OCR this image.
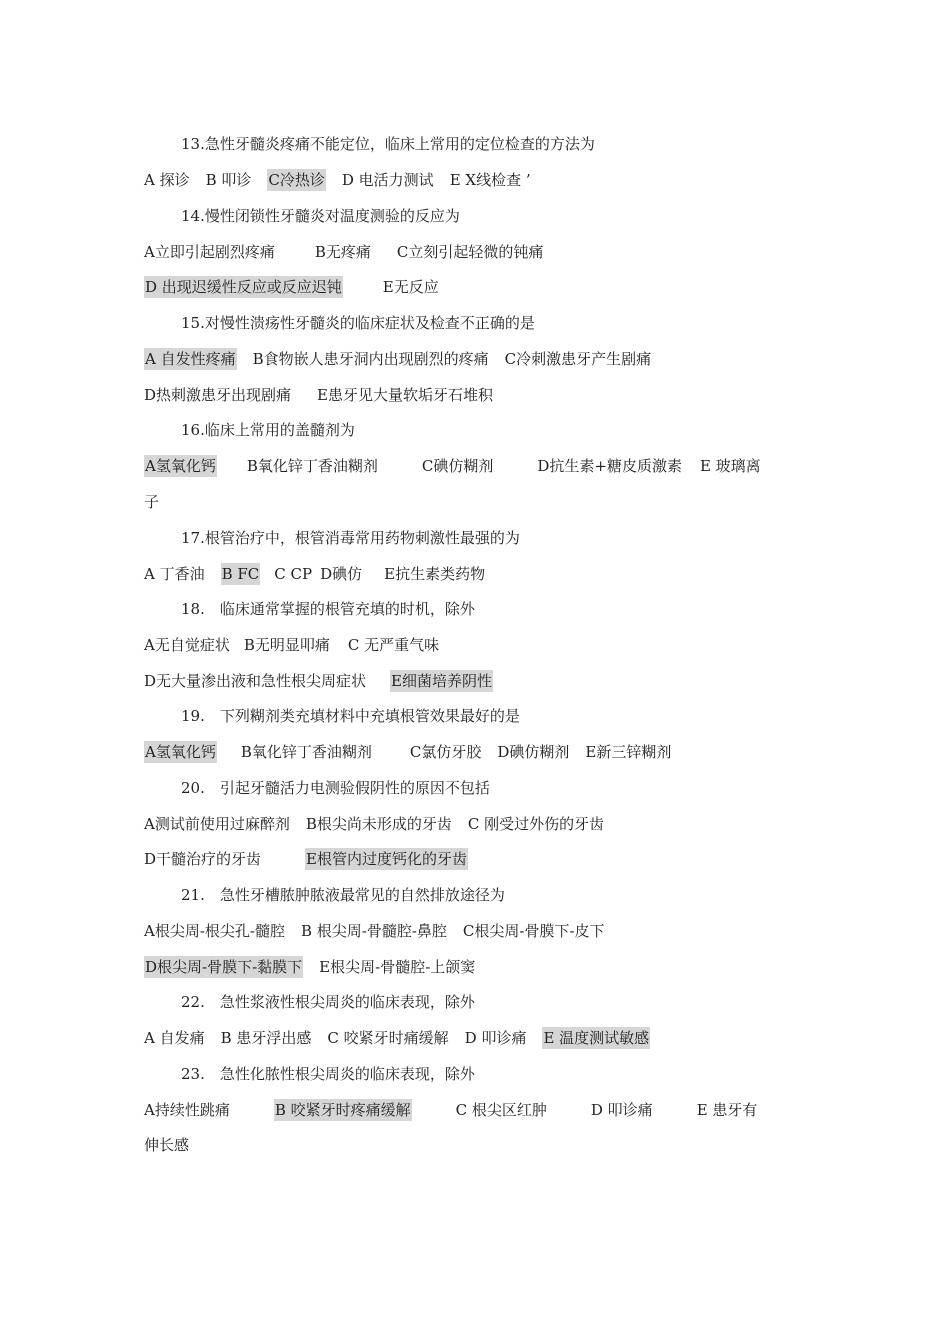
13.急性牙髓炎疼痛不能定位，临床上常用的定位检查的方法为
A 探诊 B 叩诊 C冷热诊 D 电活力测试 E X线检查 ’
14.慢性闭锁性牙髓炎对温度测验的反应为
A立即引起剧烈疼痛	B无疼痛 C立刻引起轻微的钝痛
D 出现迟缓性反应或反应迟钝	E无反应
15.对慢性溃疡性牙髓炎的临床症状及检查不正确的是
A 自发性疼痛 B食物嵌人患牙洞内出现剧烈的疼痛 C冷刺激患牙产生剧痛
D热刺激患牙出现剧痛 E患牙见大量软垢牙石堆积
16.临床上常用的盖髓剂为
A氢氧化钙 B氧化锌丁香油糊剂	C碘仿糊剂	D抗生素+糖皮质激素 E 玻璃离
子
17.根管治疗中，根管消毒常用药物刺激性最强的为
A 丁香油 B FC C CP D碘仿 E抗生素类药物
18.　临床通常掌握的根管充填的时机，除外
A无自觉症状 B无明显叩痛 C 无严重气味
D无大量渗出液和急性根尖周症状 E细菌培养阴性
19.　下列糊剂类充填材料中充填根管效果最好的是
A氢氧化钙 B氧化锌丁香油糊剂	C氯仿牙胶 D碘仿糊剂 E新三锌糊剂
20.　引起牙髓活力电测验假阴性的原因不包括
A测试前使用过麻醉剂 B根尖尚未形成的牙齿 C 刚受过外伤的牙齿
D干髓治疗的牙齿	E根管内过度钙化的牙齿
21.　急性牙槽脓肿脓液最常见的自然排放途径为
A根尖周-根尖孔-髓腔 B 根尖周-骨髓腔-鼻腔 C根尖周-骨膜下-皮下
D根尖周-骨膜下-黏膜下 E根尖周-骨髓腔-上颌窦
22.　急性浆液性根尖周炎的临床表现，除外
A 自发痛 B 患牙浮出感 C 咬紧牙时痛缓解 D 叩诊痛 E 温度测试敏感
23.　急性化脓性根尖周炎的临床表现，除外
A持续性跳痛	B 咬紧牙时疼痛缓解	C 根尖区红肿	D 叩诊痛	E 患牙有
伸长感
